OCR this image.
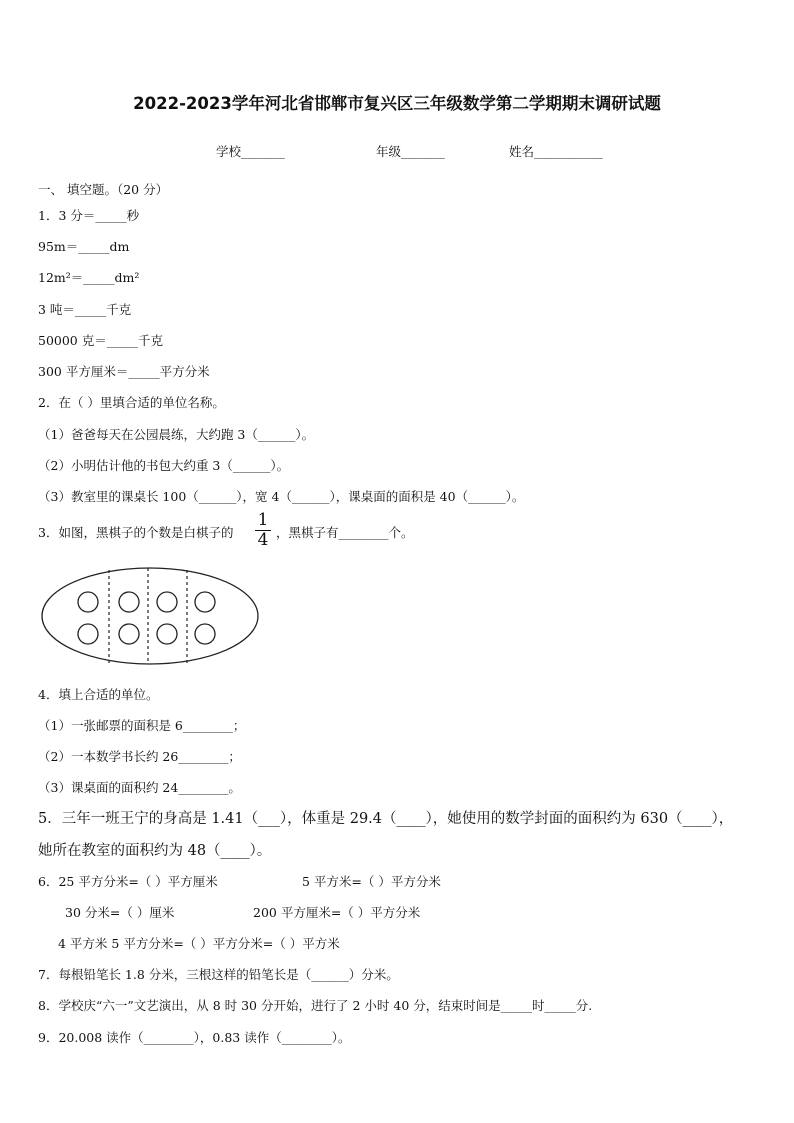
2022-2023学年河北省邯郸市复兴区三年级数学第二学期期末调研试题
学校_______	年级_______	姓名___________
一、 填空题。（20 分）
1．3 分＝_____秒
95m＝_____dm
12m²＝_____dm²
3 吨＝_____千克
50000 克＝_____千克
300 平方厘米＝_____平方分米
2．在（ ）里填合适的单位名称。
（1）爸爸每天在公园晨练，大约跑 3（______）。
（2）小明估计他的书包大约重 3（______）。
（3）教室里的课桌长 100（______），宽 4（______），课桌面的面积是 40（______）。
3．如图，黑棋子的个数是白棋子的
1
4 ，黑棋子有________个。
4．填上合适的单位。
（1）一张邮票的面积是 6________；
（2）一本数学书长约 26________；
（3）课桌面的面积约 24________。
5．三年一班王宁的身高是 1.41（___），体重是 29.4（____），她使用的数学封面的面积约为 630（____），
她所在教室的面积约为 48（____）。
6．25 平方分米=（ ）平方厘米	5 平方米=（ ）平方分米
30 分米=（ ）厘米	200 平方厘米=（ ）平方分米
4 平方米 5 平方分米=（ ）平方分米=（ ）平方米
7．每根铅笔长 1.8 分米，三根这样的铅笔长是（______）分米。
8．学校庆“六一”文艺演出，从 8 时 30 分开始，进行了 2 小时 40 分，结束时间是_____时_____分.
9．20.008 读作（________），0.83 读作（________）。
